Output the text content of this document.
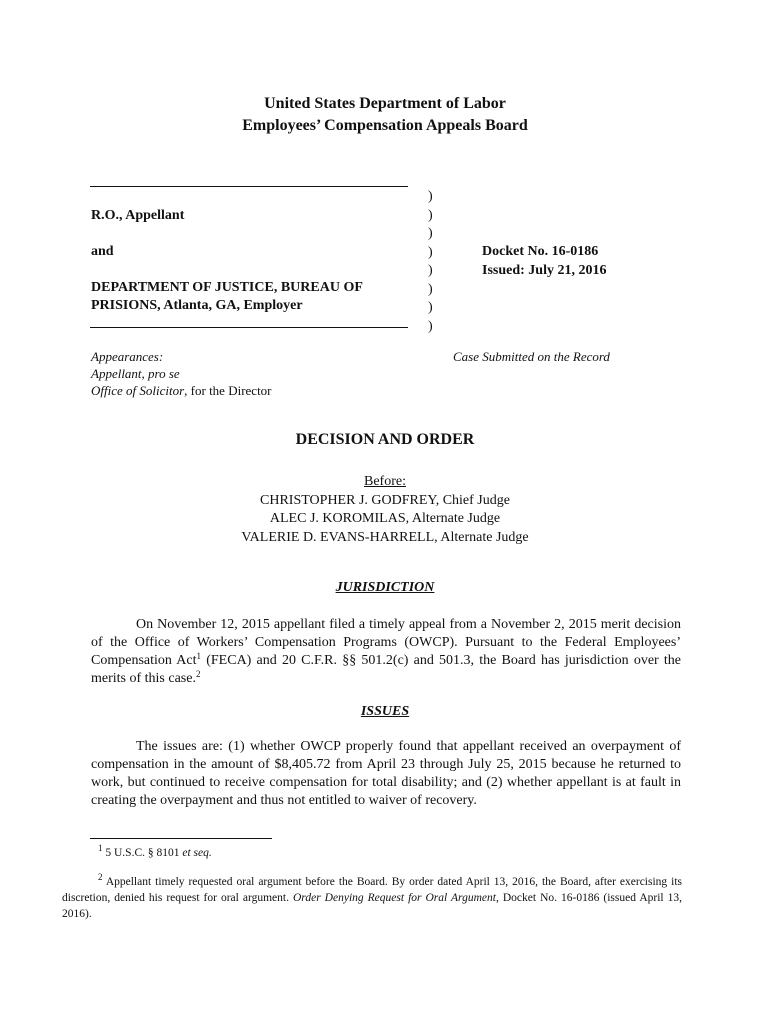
United States Department of Labor
Employees’ Compensation Appeals Board
R.O., Appellant
and
DEPARTMENT OF JUSTICE, BUREAU OF
PRISIONS, Atlanta, GA, Employer
)
)
)
)
)
)
)
)
Docket No. 16-0186
Issued: July 21, 2016
Appearances:
Appellant, pro se
Office of Solicitor, for the Director
Case Submitted on the Record
DECISION AND ORDER
Before:
CHRISTOPHER J. GODFREY, Chief Judge
ALEC J. KOROMILAS, Alternate Judge
VALERIE D. EVANS-HARRELL, Alternate Judge
JURISDICTION
On November 12, 2015 appellant filed a timely appeal from a November 2, 2015 merit decision of the Office of Workers’ Compensation Programs (OWCP). Pursuant to the Federal Employees’ Compensation Act$^1$ (FECA) and 20 C.F.R. §§ 501.2(c) and 501.3, the Board has jurisdiction over the merits of this case.$^2$
ISSUES
The issues are: (1) whether OWCP properly found that appellant received an overpayment of compensation in the amount of $8,405.72 from April 23 through July 25, 2015 because he returned to work, but continued to receive compensation for total disability; and (2) whether appellant is at fault in creating the overpayment and thus not entitled to waiver of recovery.
$^1$ 5 U.S.C. § 8101 et seq.
$^2$ Appellant timely requested oral argument before the Board. By order dated April 13, 2016, the Board, after exercising its discretion, denied his request for oral argument. Order Denying Request for Oral Argument, Docket No. 16-0186 (issued April 13, 2016).
